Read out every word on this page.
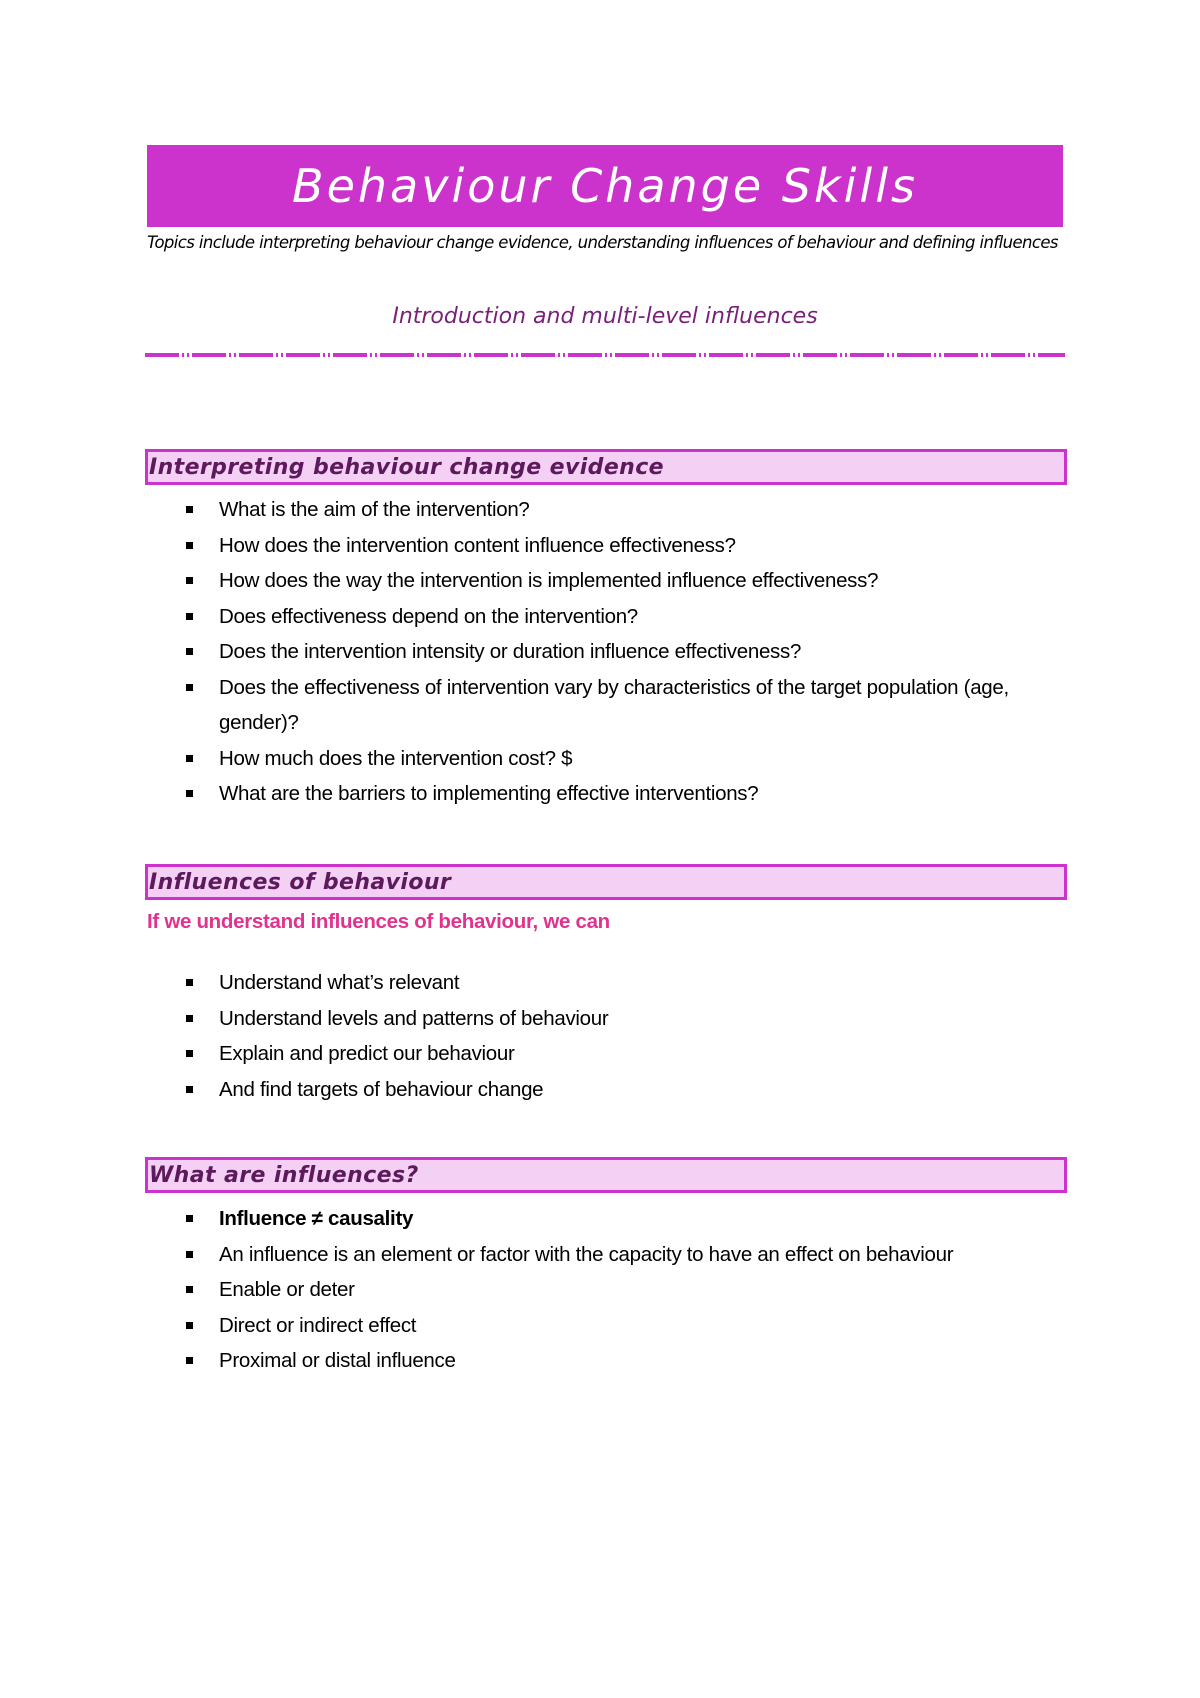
Behaviour Change Skills
Topics include interpreting behaviour change evidence, understanding influences of behaviour and defining influences
Introduction and multi-level influences
Interpreting behaviour change evidence
What is the aim of the intervention?
How does the intervention content influence effectiveness?
How does the way the intervention is implemented influence effectiveness?
Does effectiveness depend on the intervention?
Does the intervention intensity or duration influence effectiveness?
Does the effectiveness of intervention vary by characteristics of the target population (age, gender)?
How much does the intervention cost? $
What are the barriers to implementing effective interventions?
Influences of behaviour
If we understand influences of behaviour, we can
Understand what’s relevant
Understand levels and patterns of behaviour
Explain and predict our behaviour
And find targets of behaviour change
What are influences?
Influence ≠ causality
An influence is an element or factor with the capacity to have an effect on behaviour
Enable or deter
Direct or indirect effect
Proximal or distal influence
